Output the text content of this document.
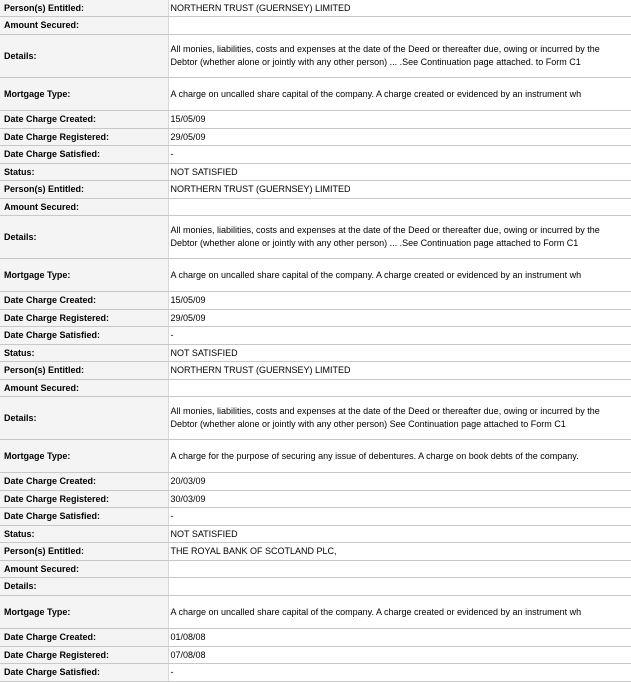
Person(s) Entitled:	NORTHERN TRUST (GUERNSEY) LIMITED
Amount Secured:	
Details:	All monies, liabilities, costs and expenses at the date of the Deed or thereafter due, owing or incurred by the Debtor (whether alone or jointly with any other person) ... .See Continuation page attached. to Form C1
Mortgage Type:	A charge on uncalled share capital of the company. A charge created or evidenced by an instrument wh
Date Charge Created:	15/05/09
Date Charge Registered:	29/05/09
Date Charge Satisfied:	-
Status:	NOT SATISFIED
Person(s) Entitled:	NORTHERN TRUST (GUERNSEY) LIMITED
Amount Secured:	
Details:	All monies, liabilities, costs and expenses at the date of the Deed or thereafter due, owing or incurred by the Debtor (whether alone or jointly with any other person) ... .See Continuation page attached to Form C1
Mortgage Type:	A charge on uncalled share capital of the company. A charge created or evidenced by an instrument wh
Date Charge Created:	15/05/09
Date Charge Registered:	29/05/09
Date Charge Satisfied:	-
Status:	NOT SATISFIED
Person(s) Entitled:	NORTHERN TRUST (GUERNSEY) LIMITED
Amount Secured:	
Details:	All monies, liabilities, costs and expenses at the date of the Deed or thereafter due, owing or incurred by the Debtor (whether alone or jointly with any other person) See Continuation page attached to Form C1
Mortgage Type:	A charge for the purpose of securing any issue of debentures. A charge on book debts of the company.
Date Charge Created:	20/03/09
Date Charge Registered:	30/03/09
Date Charge Satisfied:	-
Status:	NOT SATISFIED
Person(s) Entitled:	THE ROYAL BANK OF SCOTLAND PLC,
Amount Secured:	
Details:	
Mortgage Type:	A charge on uncalled share capital of the company. A charge created or evidenced by an instrument wh
Date Charge Created:	01/08/08
Date Charge Registered:	07/08/08
Date Charge Satisfied:	-
